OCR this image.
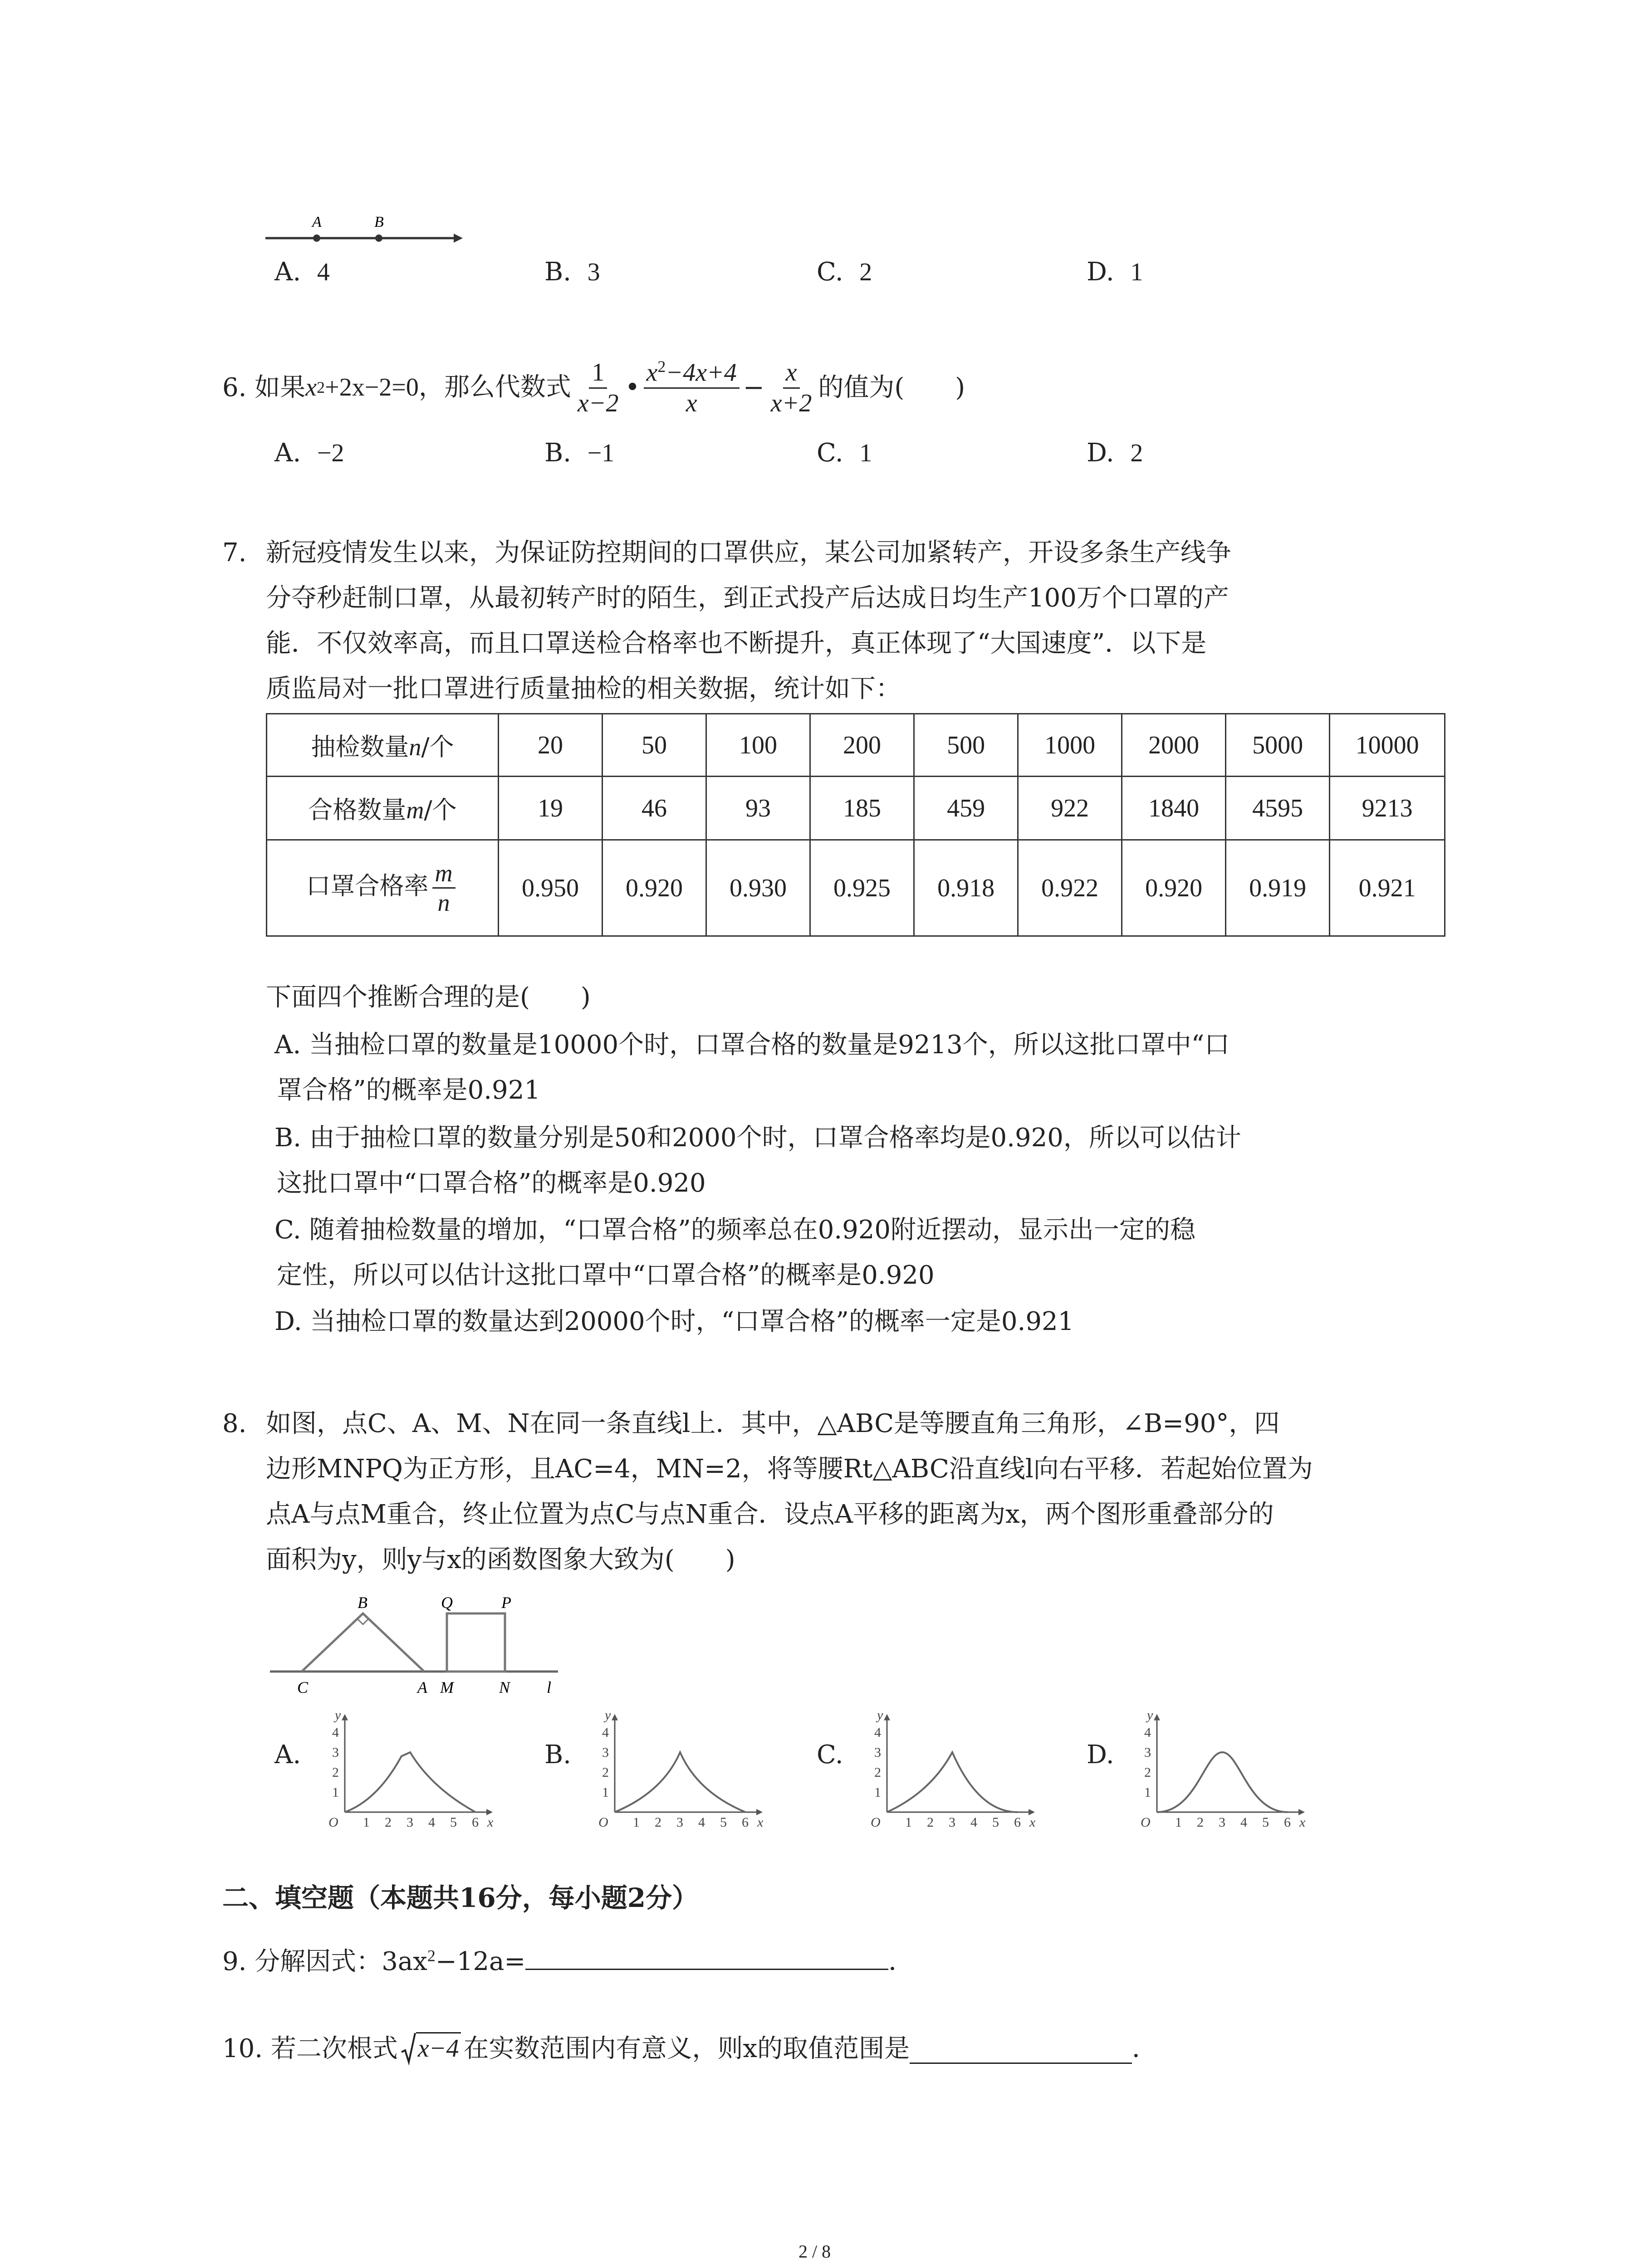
A	B
A. 4	B. 3	C. 2	D. 1
6.
如果 x 2 +2x−2=0，那么代数式 $\frac{1}{x-2}$ • $\frac{x^2-4x+4}{x} - \frac{x}{x+2}$ 的值为(　　)
A. −2	B. −1	C. 1	D. 2
7. 新冠疫情发生以来，为保证防控期间的口罩供应，某公司加紧转产，开设多条生产线争
分夺秒赶制口罩，从最初转产时的陌生，到正式投产后达成日均生产100万个口罩的产
能．不仅效率高，而且口罩送检合格率也不断提升，真正体现了“大国速度”．以下是
质监局对一批口罩进行质量抽检的相关数据，统计如下：
抽检数量n/个	20	50	100	200	500	1000	2000	5000	10000
合格数量m/个	19	46	93	185	459	922	1840	4595	9213
口罩合格率 $\frac{m}{n}$	0.950	0.920	0.930	0.925	0.918	0.922	0.920	0.919	0.921
下面四个推断合理的是(　　)
A. 当抽检口罩的数量是10000个时，口罩合格的数量是9213个，所以这批口罩中“口
罩合格”的概率是0.921
B. 由于抽检口罩的数量分别是50和2000个时，口罩合格率均是0.920，所以可以估计
这批口罩中“口罩合格”的概率是0.920
C. 随着抽检数量的增加，“口罩合格”的频率总在0.920附近摆动，显示出一定的稳
定性，所以可以估计这批口罩中“口罩合格”的概率是0.920
D. 当抽检口罩的数量达到20000个时，“口罩合格”的概率一定是0.921
8. 如图，点C、A、M、N在同一条直线l上．其中，△ABC是等腰直角三角形，∠B=90°，四
边形MNPQ为正方形，且AC=4，MN=2，将等腰Rt△ABC沿直线l向右平移．若起始位置为
点A与点M重合，终止位置为点C与点N重合．设点A平移的距离为x，两个图形重叠部分的
面积为y，则y与x的函数图象大致为(　　)
B	Q	P
C	A M	N l
A.	B.	C.	D.
1
2
3
4
1 2 3 4 5 6
O	x
y
1
2
3
4
1 2 3 4 5 6
O	x
y
1
2
3
4
1 2 3 4 5 6
O	x
y
1
2
3
4
1 2 3 4 5 6
O	x
y
二、填空题（本题共16分，每小题2分）
9. 分解因式：$3ax^2-12a=$	．
10.
若二次根式 x−4 在实数范围内有意义，则x的取值范围是	．
2 / 8
